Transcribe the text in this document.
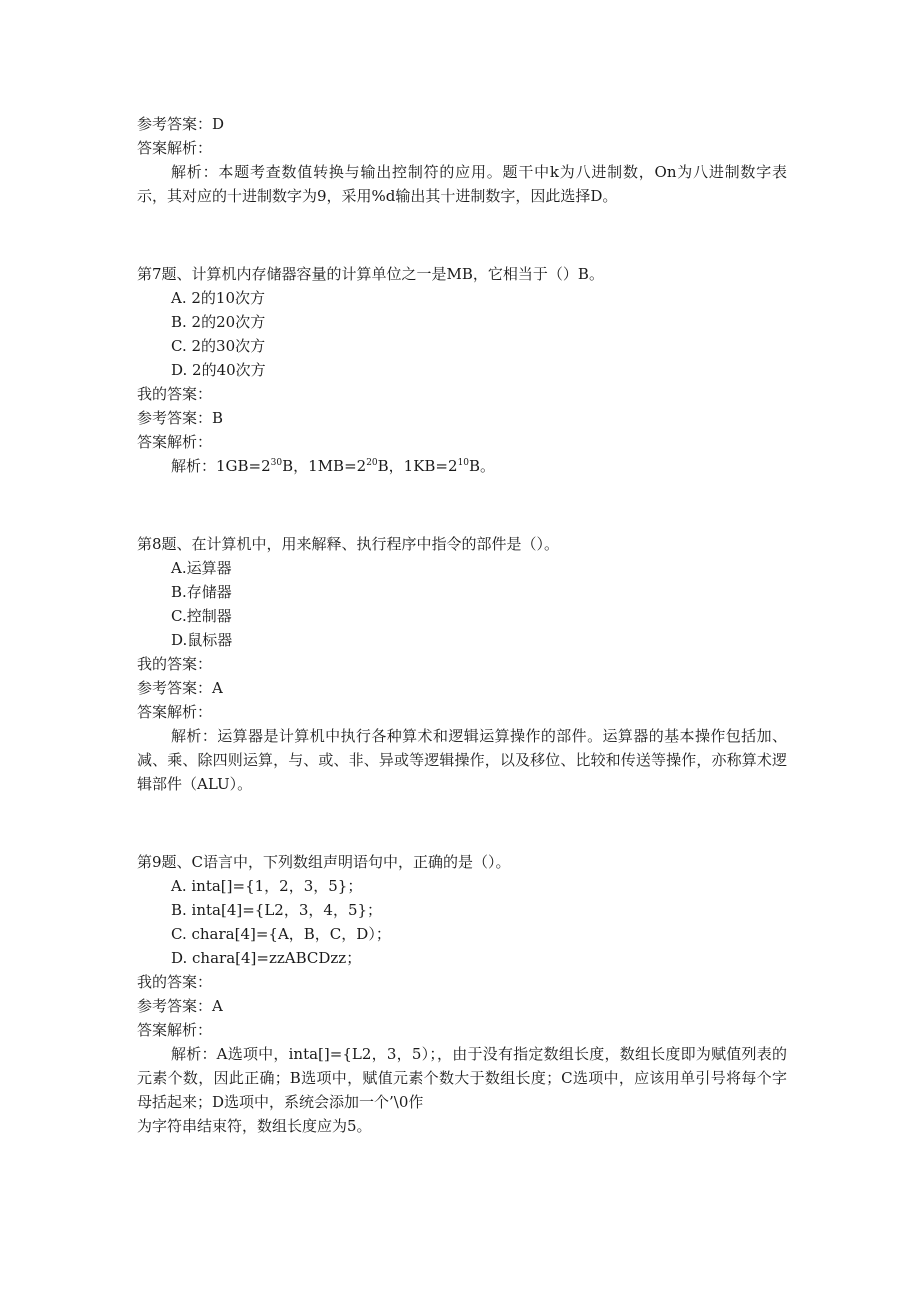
参考答案：D
答案解析：
解析：本题考查数值转换与输出控制符的应用。题干中k为八进制数，On为八进制数字表示，其对应的十进制数字为9，采用%d输出其十进制数字，因此选择D。
第7题、计算机内存储器容量的计算单位之一是MB，它相当于（）B。
A. 2的10次方
B. 2的20次方
C. 2的30次方
D. 2的40次方
我的答案：
参考答案：B
答案解析：
解析：$1GB=2^{30}B$，$1MB=2^{20}B$，$1KB=2^{10}B$。
第8题、在计算机中，用来解释、执行程序中指令的部件是（）。
A.运算器
B.存储器
C.控制器
D.鼠标器
我的答案：
参考答案：A
答案解析：
解析：运算器是计算机中执行各种算术和逻辑运算操作的部件。运算器的基本操作包括加、减、乘、除四则运算，与、或、非、异或等逻辑操作，以及移位、比较和传送等操作，亦称算术逻辑部件（ALU）。
第9题、C语言中，下列数组声明语句中，正确的是（）。
A. inta[]={1，2，3，5}；
B. inta[4]={L2，3，4，5}；
C. chara[4]={A，B，C，D）；
D. chara[4]=zzABCDzz；
我的答案：
参考答案：A
答案解析：
解析：A选项中，inta[]={L2，3，5）；，由于没有指定数组长度，数组长度即为赋值列表的元素个数，因此正确；B选项中，赋值元素个数大于数组长度；C选项中，应该用单引号将每个字母括起来；D选项中，系统会添加一个’\0作
为字符串结束符，数组长度应为5。
